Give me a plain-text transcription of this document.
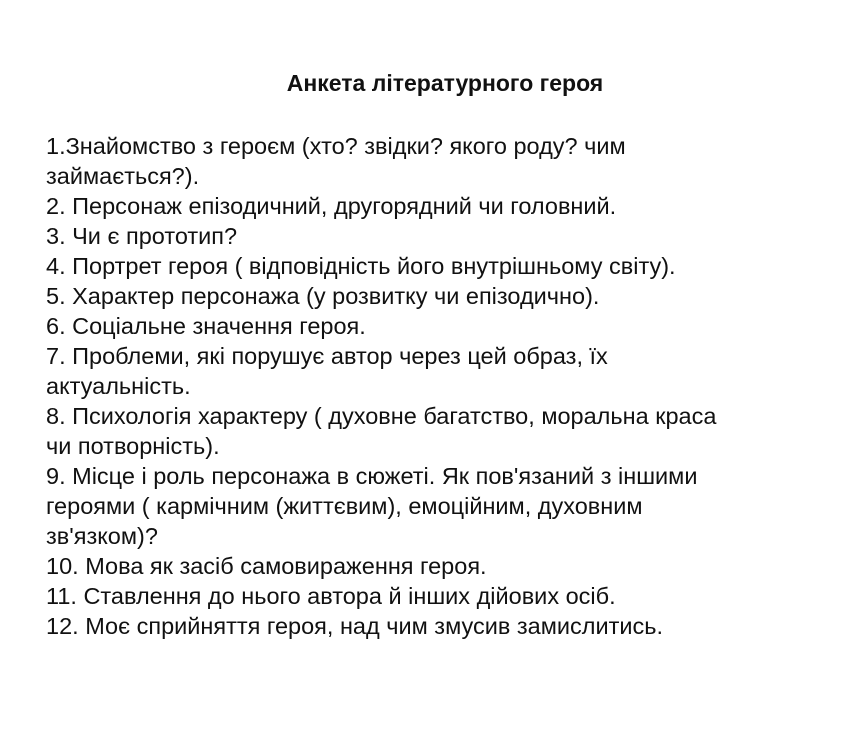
Анкета літературного героя
1.Знайомство з героєм (хто? звідки? якого роду? чим
займається?).
2. Персонаж епізодичний, другорядний чи головний.
3. Чи є прототип?
4. Портрет героя ( відповідність його внутрішньому світу).
5. Характер персонажа (у розвитку чи епізодично).
6. Соціальне значення героя.
7. Проблеми, які порушує автор через цей образ, їх
актуальність.
8. Психологія характеру ( духовне багатство, моральна краса
чи потворність).
9. Місце і роль персонажа в сюжеті. Як пов'язаний з іншими
героями ( кармічним (життєвим), емоційним, духовним
зв'язком)?
10. Мова як засіб самовираження героя.
11. Ставлення до нього автора й інших дійових осіб.
12. Моє сприйняття героя, над чим змусив замислитись.
